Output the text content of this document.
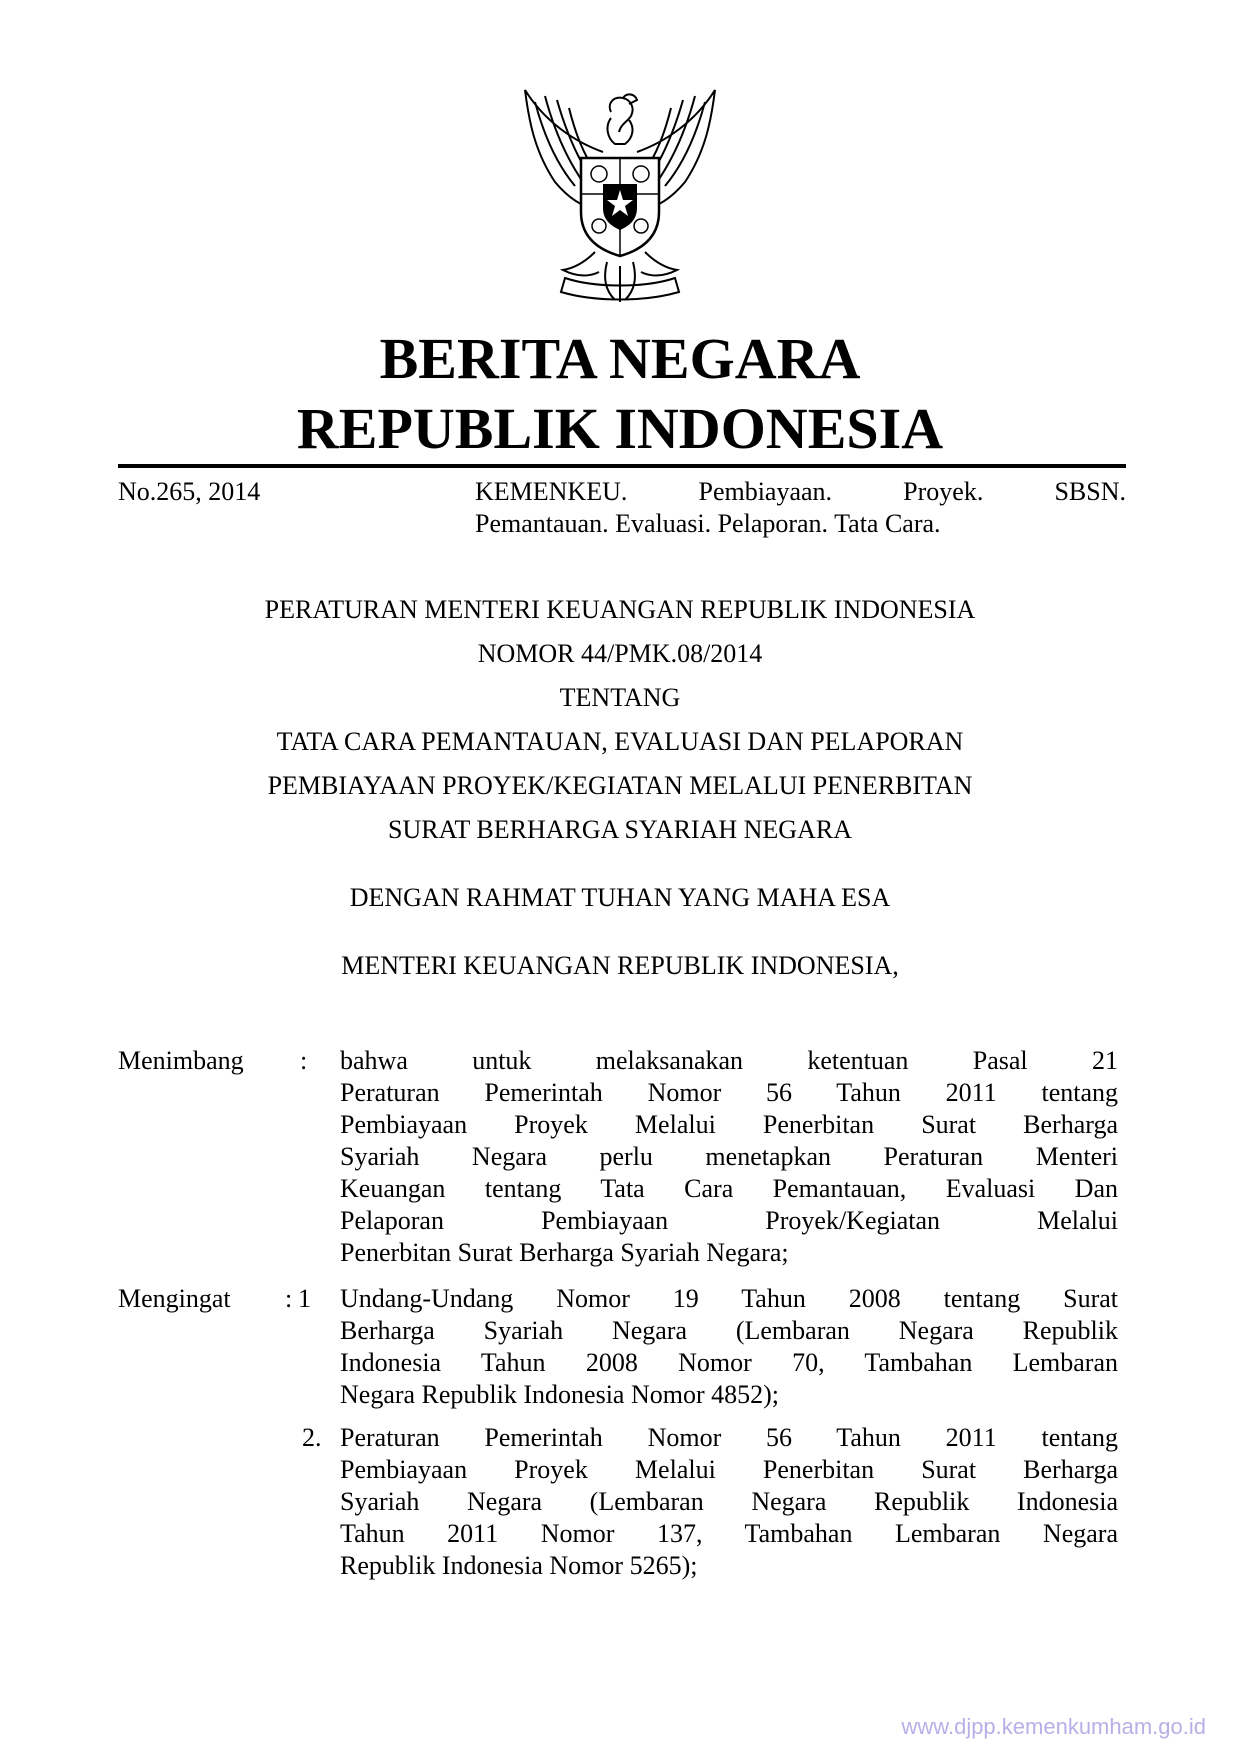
BERITA NEGARA
REPUBLIK INDONESIA
No.265, 2014	KEMENKEU. Pembiayaan. Proyek. SBSN.
Pemantauan. Evaluasi. Pelaporan. Tata Cara.
PERATURAN MENTERI KEUANGAN REPUBLIK INDONESIA
NOMOR 44/PMK.08/2014
TENTANG
TATA CARA PEMANTAUAN, EVALUASI DAN PELAPORAN
PEMBIAYAAN PROYEK/KEGIATAN MELALUI PENERBITAN
SURAT BERHARGA SYARIAH NEGARA
DENGAN RAHMAT TUHAN YANG MAHA ESA
MENTERI KEUANGAN REPUBLIK INDONESIA,
Menimbang : bahwa untuk melaksanakan ketentuan Pasal 21
Peraturan Pemerintah Nomor 56 Tahun 2011 tentang
Pembiayaan Proyek Melalui Penerbitan Surat Berharga
Syariah Negara perlu menetapkan Peraturan Menteri
Keuangan tentang Tata Cara Pemantauan, Evaluasi Dan
Pelaporan Pembiayaan Proyek/Kegiatan Melalui
Penerbitan Surat Berharga Syariah Negara;
Mengingat : 1 Undang-Undang Nomor 19 Tahun 2008 tentang Surat
Berharga Syariah Negara (Lembaran Negara Republik
Indonesia Tahun 2008 Nomor 70, Tambahan Lembaran
Negara Republik Indonesia Nomor 4852);
2. Peraturan Pemerintah Nomor 56 Tahun 2011 tentang
Pembiayaan Proyek Melalui Penerbitan Surat Berharga
Syariah Negara (Lembaran Negara Republik Indonesia
Tahun 2011 Nomor 137, Tambahan Lembaran Negara
Republik Indonesia Nomor 5265);
www.djpp.kemenkumham.go.id
